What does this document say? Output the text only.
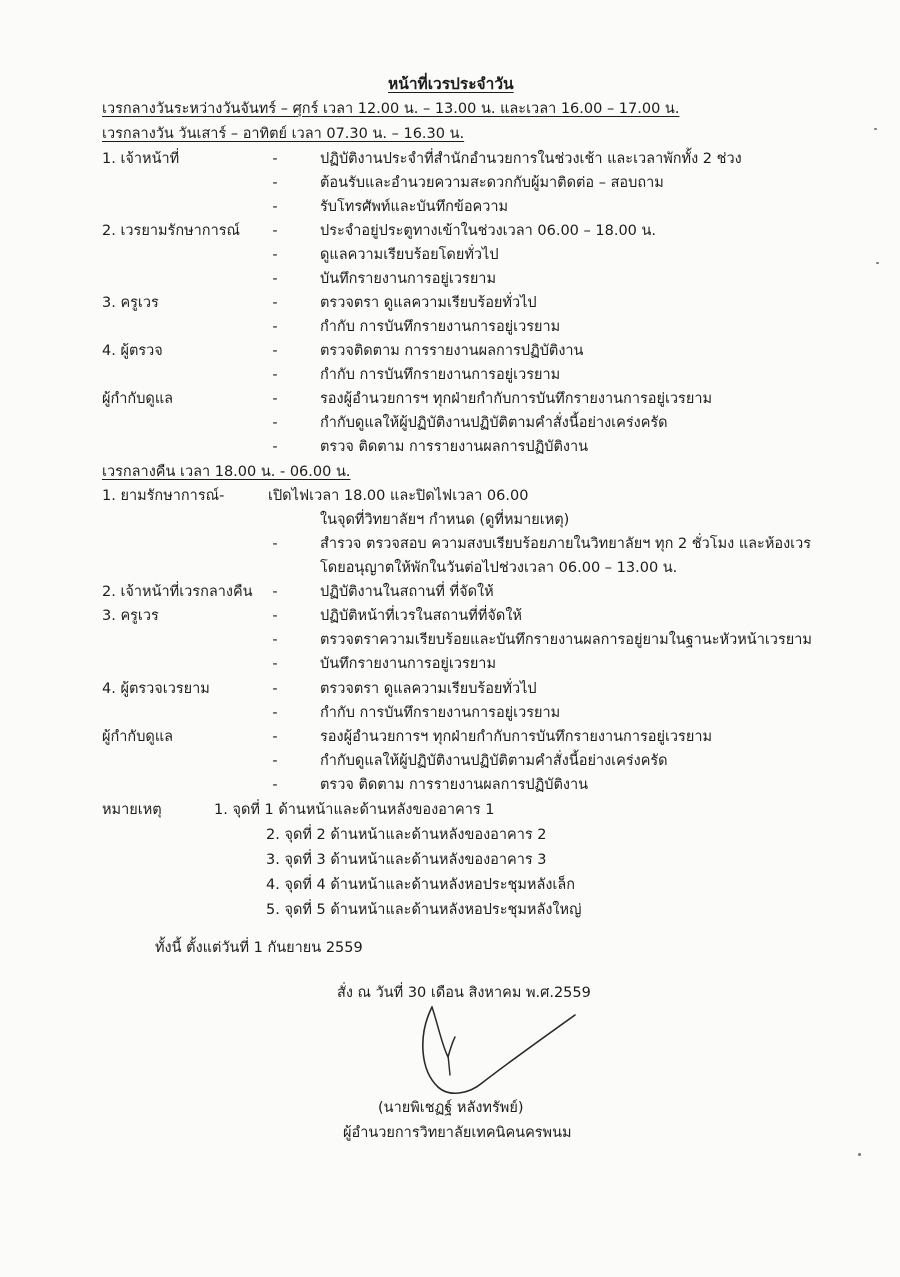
หน้าที่เวรประจำวัน
เวรกลางวันระหว่างวันจันทร์ – ศุกร์ เวลา 12.00 น. – 13.00 น. และเวลา 16.00 – 17.00 น.
เวรกลางวัน วันเสาร์ – อาทิตย์ เวลา 07.30 น. – 16.30 น.
1. เจ้าหน้าที่	-	ปฏิบัติงานประจำที่สำนักอำนวยการในช่วงเช้า และเวลาพักทั้ง 2 ช่วง
-	ต้อนรับและอำนวยความสะดวกกับผู้มาติดต่อ – สอบถาม
-	รับโทรศัพท์และบันทึกข้อความ
2. เวรยามรักษาการณ์	-	ประจำอยู่ประตูทางเข้าในช่วงเวลา 06.00 – 18.00 น.
-	ดูแลความเรียบร้อยโดยทั่วไป
-	บันทึกรายงานการอยู่เวรยาม
3. ครูเวร	-	ตรวจตรา ดูแลความเรียบร้อยทั่วไป
-	กำกับ การบันทึกรายงานการอยู่เวรยาม
4. ผู้ตรวจ	-	ตรวจติดตาม การรายงานผลการปฏิบัติงาน
-	กำกับ การบันทึกรายงานการอยู่เวรยาม
ผู้กำกับดูแล	-	รองผู้อำนวยการฯ ทุกฝ่ายกำกับการบันทึกรายงานการอยู่เวรยาม
-	กำกับดูแลให้ผู้ปฏิบัติงานปฏิบัติตามคำสั่งนี้อย่างเคร่งครัด
-	ตรวจ ติดตาม การรายงานผลการปฏิบัติงาน
เวรกลางคืน เวลา 18.00 น. - 06.00 น.
1. ยามรักษาการณ์-	เปิดไฟเวลา 18.00 และปิดไฟเวลา 06.00
ในจุดที่วิทยาลัยฯ กำหนด (ดูที่หมายเหตุ)
-	สำรวจ ตรวจสอบ ความสงบเรียบร้อยภายในวิทยาลัยฯ ทุก 2 ชั่วโมง และห้องเวร
โดยอนุญาตให้พักในวันต่อไปช่วงเวลา 06.00 – 13.00 น.
2. เจ้าหน้าที่เวรกลางคืน	-	ปฏิบัติงานในสถานที่ ที่จัดให้
3. ครูเวร	-	ปฏิบัติหน้าที่เวรในสถานที่ที่จัดให้
-	ตรวจตราความเรียบร้อยและบันทึกรายงานผลการอยู่ยามในฐานะหัวหน้าเวรยาม
-	บันทึกรายงานการอยู่เวรยาม
4. ผู้ตรวจเวรยาม	-	ตรวจตรา ดูแลความเรียบร้อยทั่วไป
-	กำกับ การบันทึกรายงานการอยู่เวรยาม
ผู้กำกับดูแล	-	รองผู้อำนวยการฯ ทุกฝ่ายกำกับการบันทึกรายงานการอยู่เวรยาม
-	กำกับดูแลให้ผู้ปฏิบัติงานปฏิบัติตามคำสั่งนี้อย่างเคร่งครัด
-	ตรวจ ติดตาม การรายงานผลการปฏิบัติงาน
หมายเหตุ	1. จุดที่ 1 ด้านหน้าและด้านหลังของอาคาร 1
2. จุดที่ 2 ด้านหน้าและด้านหลังของอาคาร 2
3. จุดที่ 3 ด้านหน้าและด้านหลังของอาคาร 3
4. จุดที่ 4 ด้านหน้าและด้านหลังหอประชุมหลังเล็ก
5. จุดที่ 5 ด้านหน้าและด้านหลังหอประชุมหลังใหญ่
ทั้งนี้ ตั้งแต่วันที่ 1 กันยายน 2559
สั่ง ณ วันที่ 30 เดือน สิงหาคม พ.ศ.2559
(นายพิเชฏฐ์ หลังทรัพย์)
ผู้อำนวยการวิทยาลัยเทคนิคนครพนม
